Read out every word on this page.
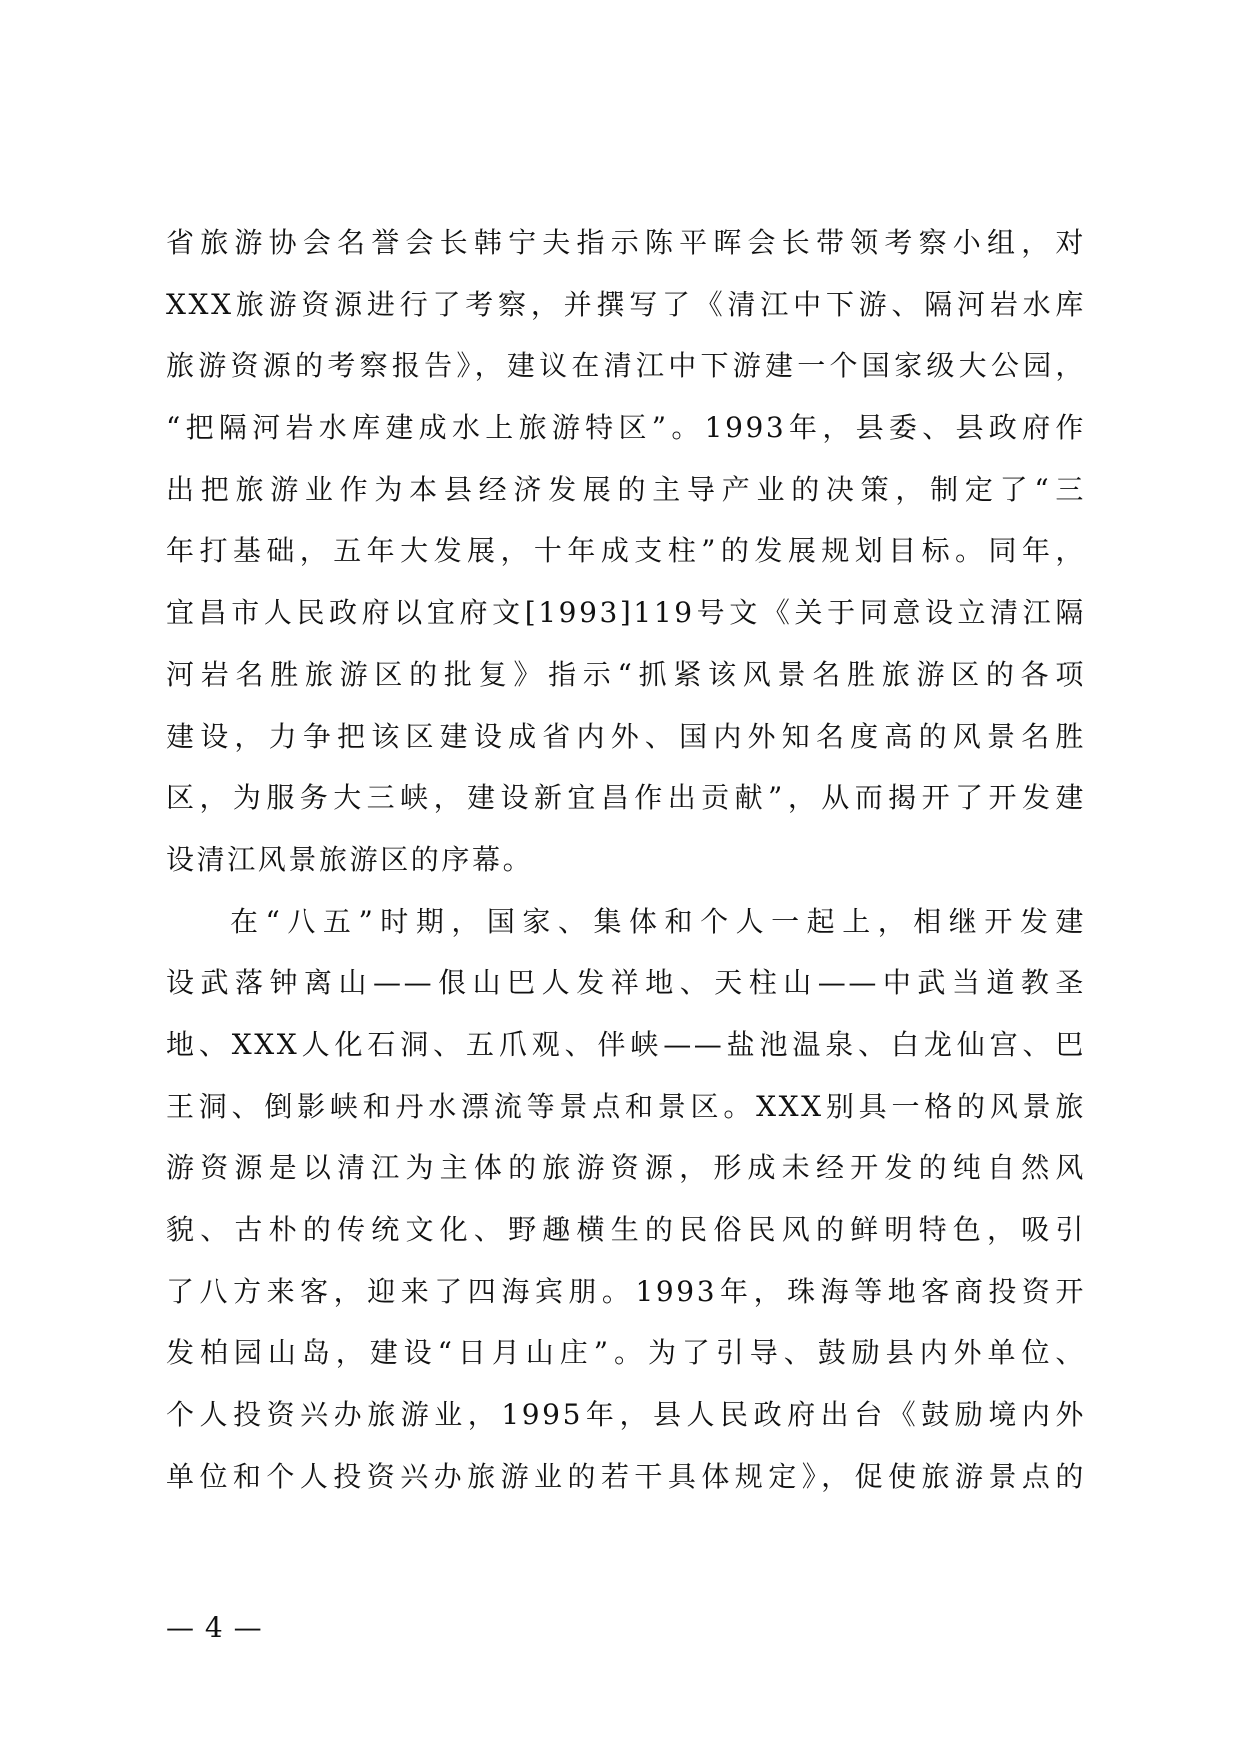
省旅游协会名誉会长韩宁夫指示陈平晖会长带领考察小组，对
XXX旅游资源进行了考察，并撰写了《清江中下游、隔河岩水库
旅游资源的考察报告》，建议在清江中下游建一个国家级大公园，
“把隔河岩水库建成水上旅游特区”。1993年，县委、县政府作
出把旅游业作为本县经济发展的主导产业的决策，制定了“三
年打基础，五年大发展，十年成支柱”的发展规划目标。同年，
宜昌市人民政府以宜府文[1993]119号文《关于同意设立清江隔
河岩名胜旅游区的批复》指示“抓紧该风景名胜旅游区的各项
建设，力争把该区建设成省内外、国内外知名度高的风景名胜
区，为服务大三峡，建设新宜昌作出贡献”，从而揭开了开发建
设清江风景旅游区的序幕。
在“八五”时期，国家、集体和个人一起上，相继开发建
设武落钟离山——佷山巴人发祥地、天柱山——中武当道教圣
地、XXX人化石洞、五爪观、伴峡——盐池温泉、白龙仙宫、巴
王洞、倒影峡和丹水漂流等景点和景区。XXX别具一格的风景旅
游资源是以清江为主体的旅游资源，形成未经开发的纯自然风
貌、古朴的传统文化、野趣横生的民俗民风的鲜明特色，吸引
了八方来客，迎来了四海宾朋。1993年，珠海等地客商投资开
发柏园山岛，建设“日月山庄”。为了引导、鼓励县内外单位、
个人投资兴办旅游业，1995年，县人民政府出台《鼓励境内外
单位和个人投资兴办旅游业的若干具体规定》，促使旅游景点的
— 4 —
